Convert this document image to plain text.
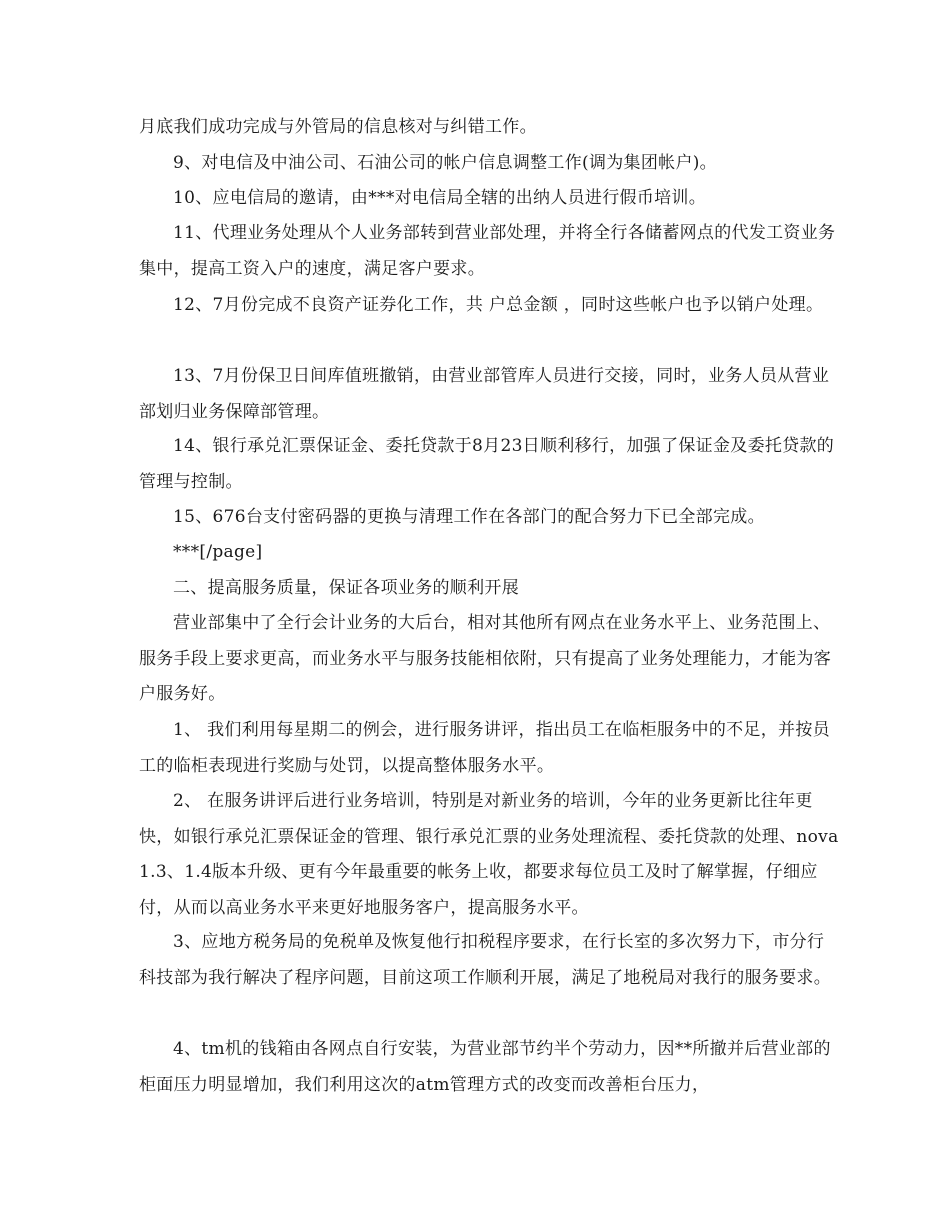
月底我们成功完成与外管局的信息核对与纠错工作。

9、对电信及中油公司、石油公司的帐户信息调整工作(调为集团帐户)。

10、应电信局的邀请，由***对电信局全辖的出纳人员进行假币培训。

11、代理业务处理从个人业务部转到营业部处理，并将全行各储蓄网点的代发工资业务集中，提高工资入户的速度，满足客户要求。

12、7月份完成不良资产证券化工作，共 户总金额 ，同时这些帐户也予以销户处理。

13、7月份保卫日间库值班撤销，由营业部管库人员进行交接，同时，业务人员从营业部划归业务保障部管理。

14、银行承兑汇票保证金、委托贷款于8月23日顺利移行，加强了保证金及委托贷款的管理与控制。

15、676台支付密码器的更换与清理工作在各部门的配合努力下已全部完成。

***[/page]

二、提高服务质量，保证各项业务的顺利开展

营业部集中了全行会计业务的大后台，相对其他所有网点在业务水平上、业务范围上、服务手段上要求更高，而业务水平与服务技能相依附，只有提高了业务处理能力，才能为客户服务好。

1、 我们利用每星期二的例会，进行服务讲评，指出员工在临柜服务中的不足，并按员工的临柜表现进行奖励与处罚，以提高整体服务水平。

2、 在服务讲评后进行业务培训，特别是对新业务的培训，今年的业务更新比往年更快，如银行承兑汇票保证金的管理、银行承兑汇票的业务处理流程、委托贷款的处理、nova1.3、1.4版本升级、更有今年最重要的帐务上收，都要求每位员工及时了解掌握，仔细应付，从而以高业务水平来更好地服务客户，提高服务水平。

3、应地方税务局的免税单及恢复他行扣税程序要求，在行长室的多次努力下，市分行科技部为我行解决了程序问题，目前这项工作顺利开展，满足了地税局对我行的服务要求。

4、tm机的钱箱由各网点自行安装，为营业部节约半个劳动力，因**所撤并后营业部的柜面压力明显增加，我们利用这次的atm管理方式的改变而改善柜台压力，
